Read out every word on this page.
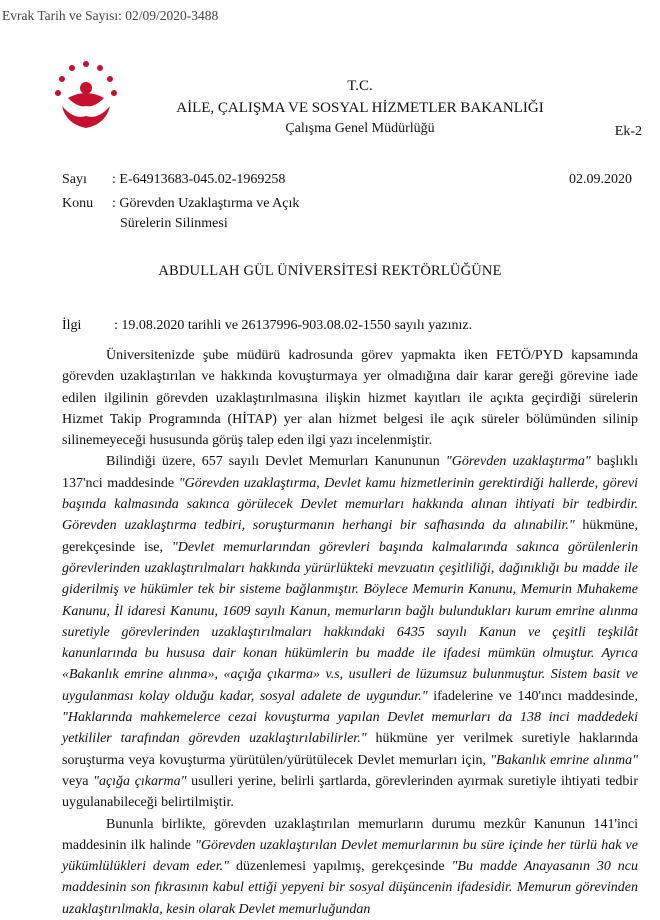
Evrak Tarih ve Sayısı: 02/09/2020-3488
T.C.
AİLE, ÇALIŞMA VE SOSYAL HİZMETLER BAKANLIĞI
Çalışma Genel Müdürlüğü	Ek-2
Sayı : E-64913683-045.02-1969258	02.09.2020
Konu : Görevden Uzaklaştırma ve Açık
Sürelerin Silinmesi
ABDULLAH GÜL ÜNİVERSİTESİ REKTÖRLÜĞÜNE
İlgi : 19.08.2020 tarihli ve 26137996-903.08.02-1550 sayılı yazınız.

Üniversitenizde şube müdürü kadrosunda görev yapmakta iken FETÖ/PYD kapsamında görevden uzaklaştırılan ve hakkında kovuşturmaya yer olmadığına dair karar gereği görevine iade edilen ilgilinin görevden uzaklaştırılmasına ilişkin hizmet kayıtları ile açıkta geçirdiği sürelerin Hizmet Takip Programında (HİTAP) yer alan hizmet belgesi ile açık süreler bölümünden silinip silinemeyeceği hususunda görüş talep eden ilgi yazı incelenmiştir.

Bilindiği üzere, 657 sayılı Devlet Memurları Kanununun "Görevden uzaklaştırma" başlıklı 137'nci maddesinde "Görevden uzaklaştırma, Devlet kamu hizmetlerinin gerektirdiği hallerde, görevi başında kalmasında sakınca görülecek Devlet memurları hakkında alınan ihtiyati bir tedbirdir. Görevden uzaklaştırma tedbiri, soruşturmanın herhangi bir safhasında da alınabilir." hükmüne, gerekçesinde ise, "Devlet memurlarından görevleri başında kalmalarında sakınca görülenlerin görevlerinden uzaklaştırılmaları hakkında yürürlükteki mevzuatın çeşitliliği, dağınıklığı bu madde ile giderilmiş ve hükümler tek bir sisteme bağlanmıştır. Böylece Memurin Kanunu, Memurin Muhakeme Kanunu, İl idaresi Kanunu, 1609 sayılı Kanun, memurların bağlı bulundukları kurum emrine alınma suretiyle görevlerinden uzaklaştırılmaları hakkındaki 6435 sayılı Kanun ve çeşitli teşkilât kanunlarında bu hususa dair konan hükümlerin bu madde ile ifadesi mümkün olmuştur. Ayrıca «Bakanlık emrine alınma», «açığa çıkarma» v.s, usulleri de lüzumsuz bulunmuştur. Sistem basit ve uygulanması kolay olduğu kadar, sosyal adalete de uygundur." ifadelerine ve 140'ıncı maddesinde, "Haklarında mahkemelerce cezai kovuşturma yapılan Devlet memurları da 138 inci maddedeki yetkililer tarafından görevden uzaklaştırılabilirler." hükmüne yer verilmek suretiyle haklarında soruşturma veya kovuşturma yürütülen/yürütülecek Devlet memurları için, "Bakanlık emrine alınma" veya "açığa çıkarma" usulleri yerine, belirli şartlarda, görevlerinden ayırmak suretiyle ihtiyati tedbir uygulanabileceği belirtilmiştir.

Bununla birlikte, görevden uzaklaştırılan memurların durumu mezkûr Kanunun 141'inci maddesinin ilk halinde "Görevden uzaklaştırılan Devlet memurlarının bu süre içinde her türlü hak ve yükümlülükleri devam eder." düzenlemesi yapılmış, gerekçesinde "Bu madde Anayasanın 30 ncu maddesinin son fıkrasının kabul ettiği yepyeni bir sosyal düşüncenin ifadesidir. Memurun görevinden uzaklaştırılmakla, kesin olarak Devlet memurluğundan
